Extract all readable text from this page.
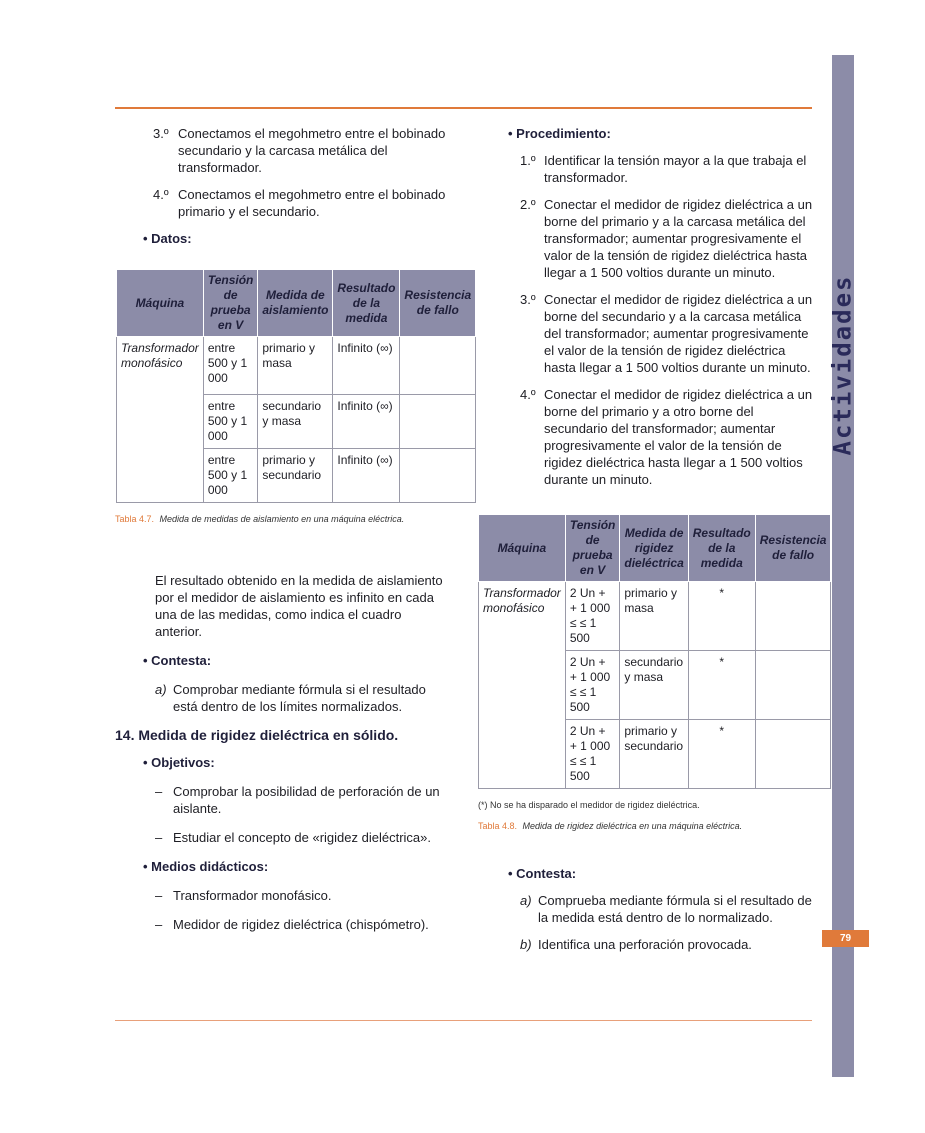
Actividades
79
3.º Conectamos el megohmetro entre el bobinado secundario y la carcasa metálica del transformador.
4.º Conectamos el megohmetro entre el bobinado primario y el secundario.
• Datos:
Máquina	Tensión de prueba en V	Medida de aislamiento	Resultado de la medida	Resistencia de fallo
Transformador monofásico	entre 500 y 1 000	primario y masa	Infinito (∞)	
	entre 500 y 1 000	secundario y masa	Infinito (∞)	
	entre 500 y 1 000	primario y secundario	Infinito (∞)	
Tabla 4.7. Medida de medidas de aislamiento en una máquina eléctrica.
El resultado obtenido en la medida de aislamiento por el medidor de aislamiento es infinito en cada una de las medidas, como indica el cuadro anterior.
• Contesta:
a) Comprobar mediante fórmula si el resultado está dentro de los límites normalizados.
14. Medida de rigidez dieléctrica en sólido.
• Objetivos:
– Comprobar la posibilidad de perforación de un aislante.
– Estudiar el concepto de «rigidez dieléctrica».
• Medios didácticos:
– Transformador monofásico.
– Medidor de rigidez dieléctrica (chispómetro).
• Procedimiento:
1.º Identificar la tensión mayor a la que trabaja el transformador.
2.º Conectar el medidor de rigidez dieléctrica a un borne del primario y a la carcasa metálica del transformador; aumentar progresivamente el valor de la tensión de rigidez dieléctrica hasta llegar a 1 500 voltios durante un minuto.
3.º Conectar el medidor de rigidez dieléctrica a un borne del secundario y a la carcasa metálica del transformador; aumentar progresivamente el valor de la tensión de rigidez dieléctrica hasta llegar a 1 500 voltios durante un minuto.
4.º Conectar el medidor de rigidez dieléctrica a un borne del primario y a otro borne del secundario del transformador; aumentar progresivamente el valor de la tensión de rigidez dieléctrica hasta llegar a 1 500 voltios durante un minuto.
Máquina	Tensión de prueba en V	Medida de rigidez dieléctrica	Resultado de la medida	Resistencia de fallo
Transformador monofásico	2 Un + + 1 000 ≤ ≤ 1 500	primario y masa	*	
	2 Un + + 1 000 ≤ ≤ 1 500	secundario y masa	*	
	2 Un + + 1 000 ≤ ≤ 1 500	primario y secundario	*	
(*) No se ha disparado el medidor de rigidez dieléctrica.
Tabla 4.8. Medida de rigidez dieléctrica en una máquina eléctrica.
• Contesta:
a) Comprueba mediante fórmula si el resultado de la medida está dentro de lo normalizado.
b) Identifica una perforación provocada.
